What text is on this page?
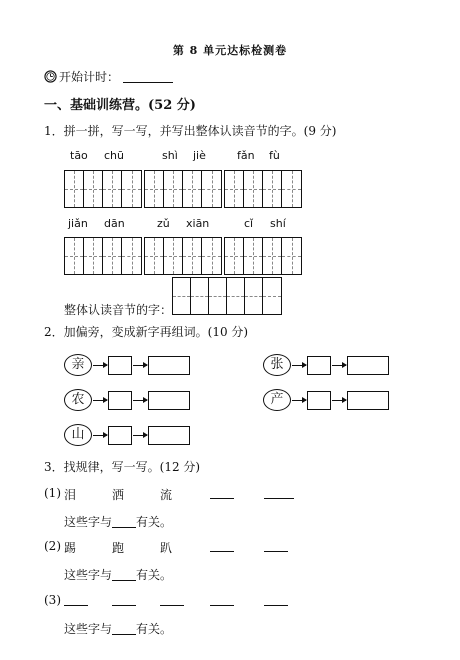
第 8 单元达标检测卷
开始计时：
一、基础训练营。(52 分)
1．拼一拼，写一写，并写出整体认读音节的字。(9 分)
tāo chū	shì jiè	fǎn fù
jiǎn dān	zǔ xiān	cǐ shí
整体认读音节的字：
2．加偏旁，变成新字再组词。(10 分)
亲	张
农	产
山
3．找规律，写一写。(12 分)
(1) 泪	洒	流
这些字与 有关。
(2) 踢	跑	趴
这些字与 有关。
(3)
这些字与 有关。
